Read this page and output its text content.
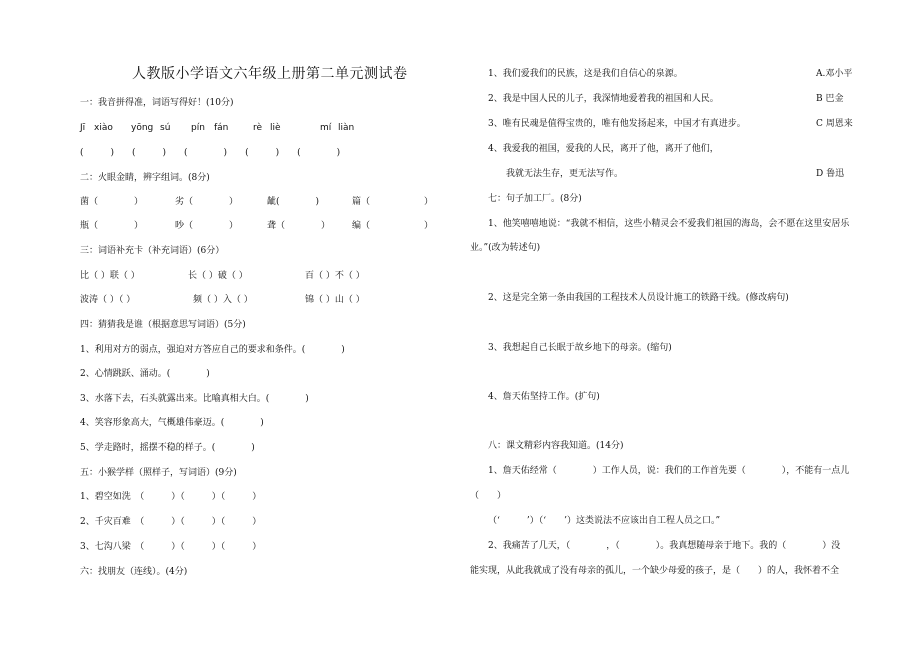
人教版小学语文六年级上册第二单元测试卷
一：我音拼得准，词语写得好！(10分)
Jī xiào yōng sú pín fán	rè liè	mí liàn
(　　　)　　(　　　)　　(　　　　)　　(　　　)　　(　　　　)
二：火眼金睛，辨字组词。(8分)
菌（　　　　）	劣（　　　　）	龇(　　　　)	篇（　　　　　　）
瓶（　　　　）	吵（　　　　）	聋（　　　　） 编（　　　　　　）
三：词语补充卡（补充词语）(6分）
比（ ）联（ ）	长（ ）破（ ）	百（ ）不（ ）
波涛（ ）（ ）	频（ ）入（ ）	锦（ ）山（ ）
四：猜猜我是谁（根据意思写词语）(5分)
1、利用对方的弱点，强迫对方答应自己的要求和条件。(　　　　)
2、心情跳跃、涌动。(　　　　)
3、水落下去，石头就露出来。比喻真相大白。(　　　　)
4、笑容形象高大，气概雄伟豪迈。(　　　　)
5、学走路时，摇摆不稳的样子。(　　　　)
五：小猴学样（照样子，写词语）(9分)
1、碧空如洗　（　　　）（　　　）（　　　）
2、千灾百难　（　　　）（　　　）（　　　）
3、七沟八梁　（　　　）（　　　）（　　　）
六：找朋友（连线）。(4分)
1、我们爱我们的民族，这是我们自信心的泉源。	A.邓小平
2、我是中国人民的儿子，我深情地爱着我的祖国和人民。	B 巴金
3、唯有民魂是值得宝贵的，唯有他发扬起来，中国才有真进步。	C 周恩来
4、我爱我的祖国，爱我的人民，离开了他，离开了他们，
我就无法生存，更无法写作。	D 鲁迅
七：句子加工厂。(8分)
1、他笑嘻嘻地说：“我就不相信，这些小精灵会不爱我们祖国的海岛，会不愿在这里安居乐
业。”(改为转述句)
2、这是完全第一条由我国的工程技术人员设计施工的铁路干线。(修改病句)
3、我想起自己长眠于故乡地下的母亲。(缩句)
4、詹天佑坚持工作。(扩句)
八：课文精彩内容我知道。(14分)
1、詹天佑经常（　　　　）工作人员，说：我们的工作首先要（　　　　），不能有一点儿
（　　）
（‘　　　’）（‘　　’）这类说法不应该出自工程人员之口。”
2、我痛苦了几天，（　　　　，（　　　　）。我真想随母亲于地下。我的（　　　　）没
能实现，从此我就成了没有母亲的孤儿，一个缺少母爱的孩子，是（　　）的人，我怀着不全
